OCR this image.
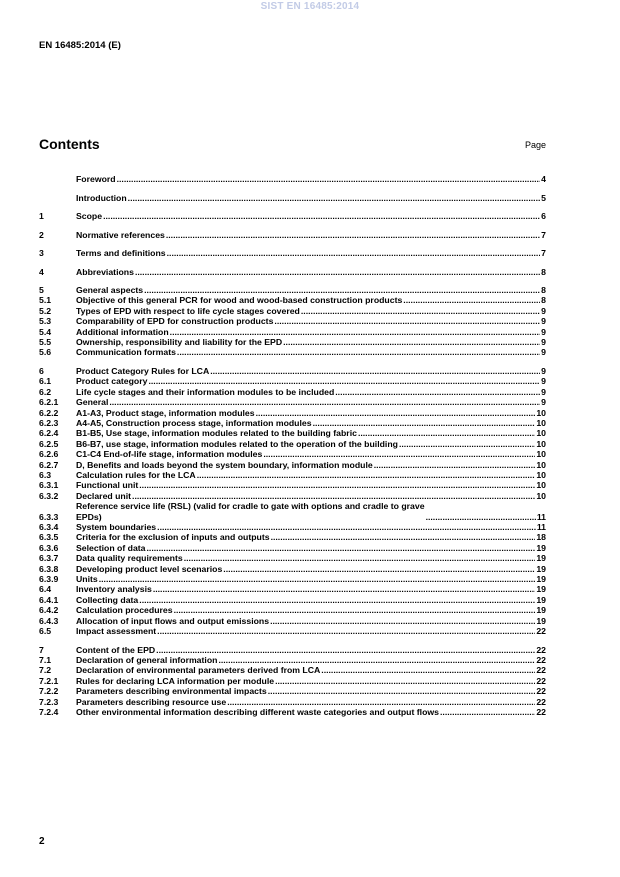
SIST EN 16485:2014
EN 16485:2014 (E)
Contents	Page
Foreword .....	4
Introduction .....	5
1	Scope .....	6
2	Normative references .....	7
3	Terms and definitions .....	7
4	Abbreviations .....	8
5	General aspects .....	8
5.1	Objective of this general PCR for wood and wood-based construction products .....	8
5.2	Types of EPD with respect to life cycle stages covered .....	9
5.3	Comparability of EPD for construction products .....	9
5.4	Additional information .....	9
5.5	Ownership, responsibility and liability for the EPD .....	9
5.6	Communication formats .....	9
6	Product Category Rules for LCA .....	9
6.1	Product category .....	9
6.2	Life cycle stages and their information modules to be included .....	9
6.2.1	General .....	9
6.2.2	A1-A3, Product stage, information modules .....	10
6.2.3	A4-A5, Construction process stage, information modules .....	10
6.2.4	B1-B5, Use stage, information modules related to the building fabric .....	10
6.2.5	B6-B7, use stage, information modules related to the operation of the building .....	10
6.2.6	C1-C4 End-of-life stage, information modules .....	10
6.2.7	D, Benefits and loads beyond the system boundary, information module .....	10
6.3	Calculation rules for the LCA .....	10
6.3.1	Functional unit .....	10
6.3.2	Declared unit .....	10
6.3.3
Reference service life (RSL) (valid for cradle to gate with options and cradle to grave
EPDs) .....	11
6.3.4	System boundaries .....	11
6.3.5	Criteria for the exclusion of inputs and outputs .....	18
6.3.6	Selection of data .....	19
6.3.7	Data quality requirements .....	19
6.3.8	Developing product level scenarios .....	19
6.3.9	Units .....	19
6.4	Inventory analysis .....	19
6.4.1	Collecting data .....	19
6.4.2	Calculation procedures .....	19
6.4.3	Allocation of input flows and output emissions .....	19
6.5	Impact assessment .....	22
7	Content of the EPD .....	22
7.1	Declaration of general information .....	22
7.2	Declaration of environmental parameters derived from LCA .....	22
7.2.1	Rules for declaring LCA information per module .....	22
7.2.2	Parameters describing environmental impacts .....	22
7.2.3	Parameters describing resource use .....	22
7.2.4	Other environmental information describing different waste categories and output flows .....	22
2
